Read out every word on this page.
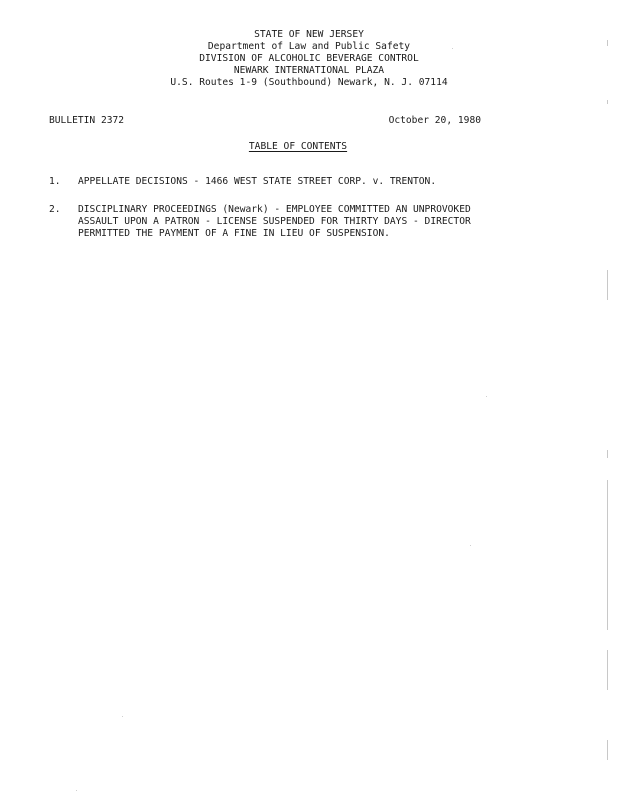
STATE OF NEW JERSEY
Department of Law and Public Safety
DIVISION OF ALCOHOLIC BEVERAGE CONTROL
NEWARK INTERNATIONAL PLAZA
U.S. Routes 1-9 (Southbound) Newark, N. J. 07114
BULLETIN 2372	October 20, 1980
TABLE OF CONTENTS
1. APPELLATE DECISIONS - 1466 WEST STATE STREET CORP. v. TRENTON.
2. DISCIPLINARY PROCEEDINGS (Newark) - EMPLOYEE COMMITTED AN UNPROVOKED
ASSAULT UPON A PATRON - LICENSE SUSPENDED FOR THIRTY DAYS - DIRECTOR
PERMITTED THE PAYMENT OF A FINE IN LIEU OF SUSPENSION.
